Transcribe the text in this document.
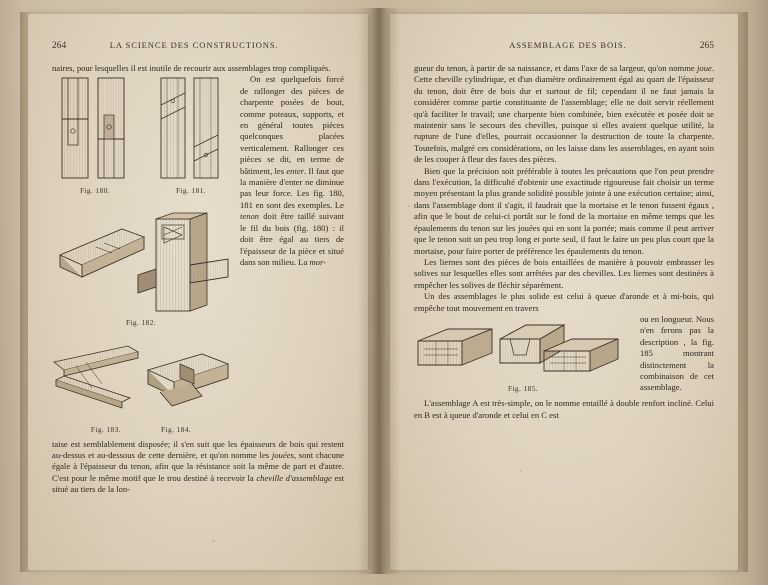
264	LA SCIENCE DES CONSTRUCTIONS.

naires, pour lesquelles il est inutile de recourir aux assemblages trop compliqués.

Fig. 180.	Fig. 181.
Fig. 182.
Fig. 183.	Fig. 184.

On est quelquefois forcé de rallonger des pièces de charpente posées de bout, comme poteaux, supports, et en général toutes pièces quelconques placées verticalement. Rallonger ces pièces se dit, en terme de bâtiment, les enter. Il faut que la manière d'enter ne diminue pas leur force. Les fig. 180, 181 en sont des exemples. Le tenon doit être taillé suivant le fil du bois (fig. 180) : il doit être égal au tiers de l'épaisseur de la pièce et situé dans son milieu. La mor-

taise est semblablement disposée; il s'en suit que les épaisseurs de bois qui restent au-dessus et au-dessous de cette dernière, et qu'on nomme les jouées, sont chacune égale à l'épaisseur du tenon, afin que la résistance soit la même de part et d'autre. C'est pour le même motif que le trou destiné à recevoir la cheville d'assemblage est situé au tiers de la lon-

ASSEMBLAGE DES BOIS.	265

gueur du tenon, à partir de sa naissance, et dans l'axe de sa largeur, qu'on nomme joue. Cette cheville cylindrique, et d'un diamètre ordinairement égal au quart de l'épaisseur du tenon, doit être de bois dur et surtout de fil; cependant il ne faut jamais la considérer comme partie constituante de l'assemblage; elle ne doit servir réellement qu'à faciliter le travail; une charpente bien combinée, bien exécutée et posée doit se maintenir sans le secours des chevilles, puisque si elles avaient quelque utilité, la rupture de l'une d'elles, pourrait occasionner la destruction de toute la charpente. Toutefois, malgré ces considérations, on les laisse dans les assemblages, en ayant soin de les couper à fleur des faces des pièces.

Bien que la précision soit préférable à toutes les précautions que l'on peut prendre dans l'exécution, la difficulté d'obtenir une exactitude rigoureuse fait choisir un terme moyen présentant la plus grande solidité possible jointe à une exécution certaine; ainsi, dans l'assemblage dont il s'agit, il faudrait que la mortaise et le tenon fussent égaux , afin que le bout de celui-ci portât sur le fond de la mortaise en même temps que les épaulements du tenon sur les jouées qui en sont la portée; mais comme il peut arriver que le tenon soit un peu trop long et porte seul, il faut le faire un peu plus court que la mortaise, pour faire porter de préférence les épaulements du tenon.

Les liernes sont des pièces de bois entaillées de manière à pouvoir embrasser les solives sur lesquelles elles sont arrêtées par des chevilles. Les liernes sont destinées à empêcher les solives de fléchir séparément.

Un des assemblages le plus solide est celui à queue d'aronde et à mi-bois, qui empêche tout mouvement en travers

Fig. 185.

ou en longueur. Nous n'en ferons pas la description , la fig. 185 montrant distinctement la combinaison de cet assemblage.

L'assemblage A est très-simple, on le nomme entaillé à double renfort incliné. Celui en B est à queue d'aronde et celui en C est
